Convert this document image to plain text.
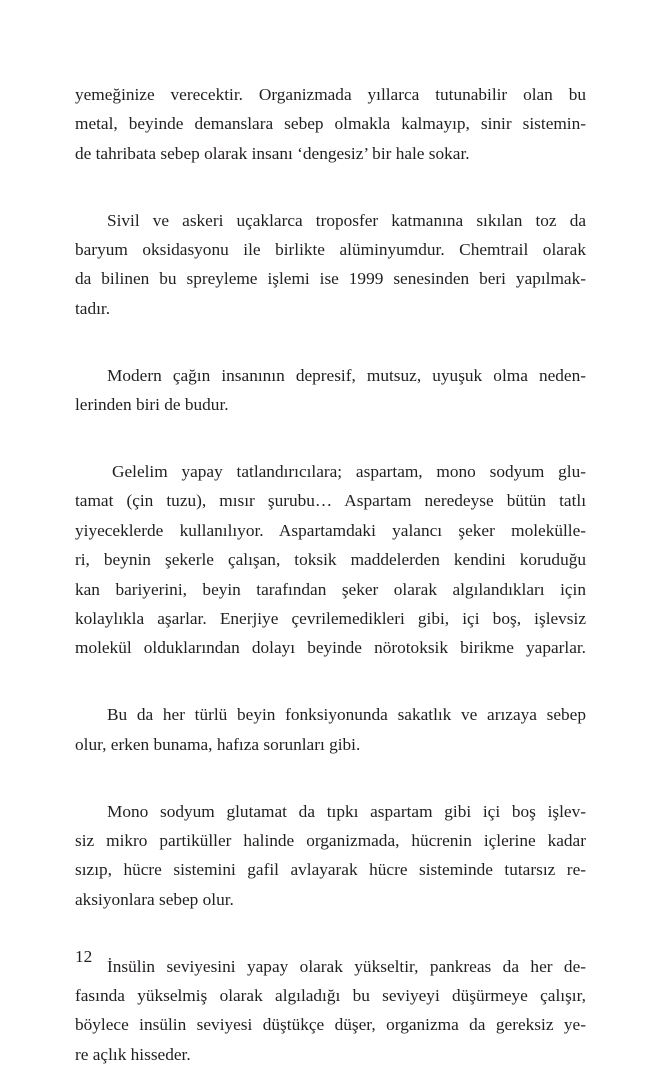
yemeğinize verecektir. Organizmada yıllarca tutunabilir olan bu
metal, beyinde demanslara sebep olmakla kalmayıp, sinir sistemin-
de tahribata sebep olarak insanı ‘dengesiz’ bir hale sokar.
Sivil ve askeri uçaklarca troposfer katmanına sıkılan toz da
baryum oksidasyonu ile birlikte alüminyumdur. Chemtrail olarak
da bilinen bu spreyleme işlemi ise 1999 senesinden beri yapılmak-
tadır.
Modern çağın insanının depresif, mutsuz, uyuşuk olma neden-
lerinden biri de budur.
Gelelim yapay tatlandırıcılara; aspartam, mono sodyum glu-
tamat (çin tuzu), mısır şurubu… Aspartam neredeyse bütün tatlı
yiyeceklerde kullanılıyor. Aspartamdaki yalancı şeker molekülle-
ri, beynin şekerle çalışan, toksik maddelerden kendini koruduğu
kan bariyerini, beyin tarafından şeker olarak algılandıkları için
kolaylıkla aşarlar. Enerjiye çevrilemedikleri gibi, içi boş, işlevsiz
molekül olduklarından dolayı beyinde nörotoksik birikme yaparlar.
Bu da her türlü beyin fonksiyonunda sakatlık ve arızaya sebep
olur, erken bunama, hafıza sorunları gibi.
Mono sodyum glutamat da tıpkı aspartam gibi içi boş işlev-
siz mikro partiküller halinde organizmada, hücrenin içlerine kadar
sızıp, hücre sistemini gafil avlayarak hücre sisteminde tutarsız re-
aksiyonlara sebep olur.
İnsülin seviyesini yapay olarak yükseltir, pankreas da her de-
fasında yükselmiş olarak algıladığı bu seviyeyi düşürmeye çalışır,
böylece insülin seviyesi düştükçe düşer, organizma da gereksiz ye-
re açlık hisseder.
12
